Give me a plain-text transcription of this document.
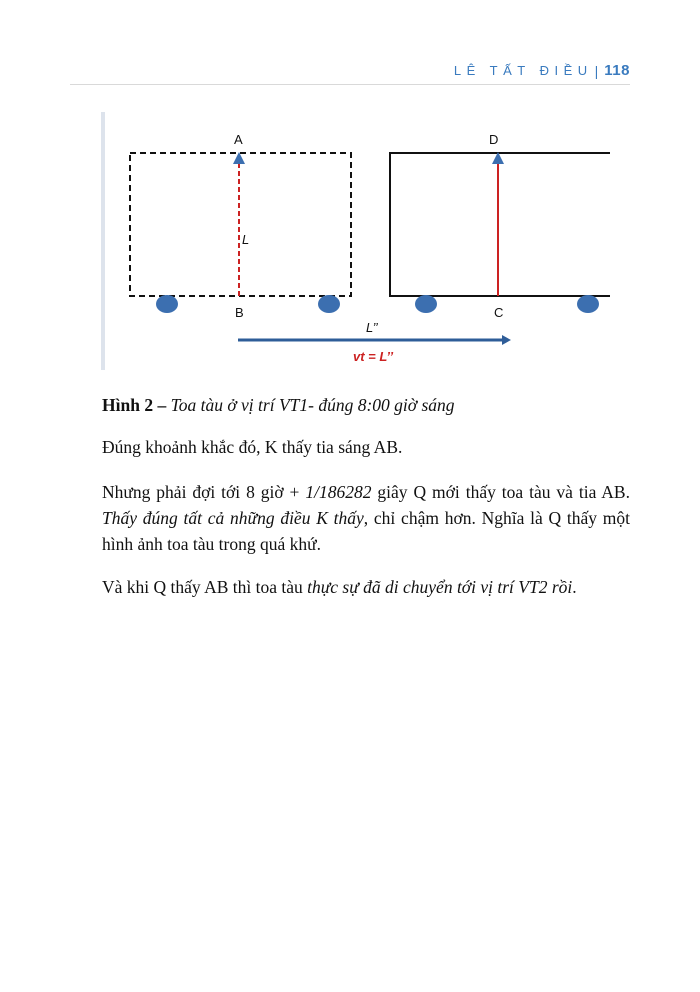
LÊ TẤT ĐIỀU | 118
A
L
B
D
C
L’’
vt = L’’

Hình 2 – Toa tàu ở vị trí VT1- đúng 8:00 giờ sáng

Đúng khoảnh khắc đó, K thấy tia sáng AB.

Nhưng phải đợi tới 8 giờ + 1/186282 giây Q mới thấy toa tàu và tia AB. Thấy đúng tất cả những điều K thấy, chỉ chậm hơn. Nghĩa là Q thấy một hình ảnh toa tàu trong quá khứ.

Và khi Q thấy AB thì toa tàu thực sự đã di chuyển tới vị trí VT2 rồi.
